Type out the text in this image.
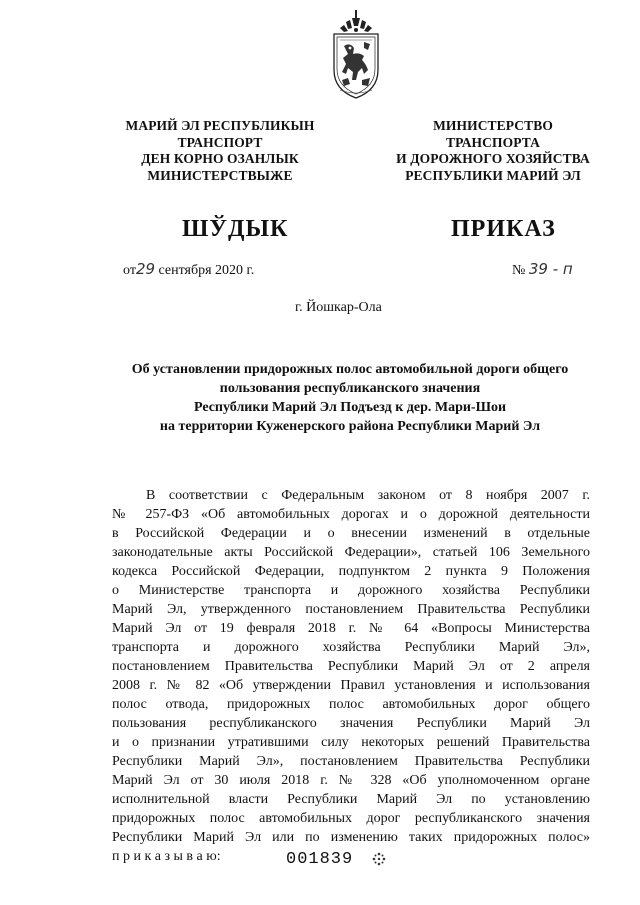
МАРИЙ ЭЛ РЕСПУБЛИКЫН
ТРАНСПОРТ
ДЕН КОРНО ОЗАНЛЫК
МИНИСТЕРСТВЫЖЕ
МИНИСТЕРСТВО
ТРАНСПОРТА
И ДОРОЖНОГО ХОЗЯЙСТВА
РЕСПУБЛИКИ МАРИЙ ЭЛ
ШЎДЫК	ПРИКАЗ
от29 сентября 2020 г.	№ 39 - п
г. Йошкар-Ола
Об установлении придорожных полос автомобильной дороги общего
пользования республиканского значения
Республики Марий Эл Подъезд к дер. Мари-Шои
на территории Куженерского района Республики Марий Эл
В соответствии с Федеральным законом от 8 ноября 2007 г.
№ 257-ФЗ «Об автомобильных дорогах и о дорожной деятельности
в Российской Федерации и о внесении изменений в отдельные
законодательные акты Российской Федерации», статьей 106 Земельного
кодекса Российской Федерации, подпунктом 2 пункта 9 Положения
о Министерстве транспорта и дорожного хозяйства Республики
Марий Эл, утвержденного постановлением Правительства Республики
Марий Эл от 19 февраля 2018 г. № 64 «Вопросы Министерства
транспорта и дорожного хозяйства Республики Марий Эл»,
постановлением Правительства Республики Марий Эл от 2 апреля
2008 г. № 82 «Об утверждении Правил установления и использования
полос отвода, придорожных полос автомобильных дорог общего
пользования республиканского значения Республики Марий Эл
и о признании утратившими силу некоторых решений Правительства
Республики Марий Эл», постановлением Правительства Республики
Марий Эл от 30 июля 2018 г. № 328 «Об уполномоченном органе
исполнительной власти Республики Марий Эл по установлению
придорожных полос автомобильных дорог республиканского значения
Республики Марий Эл или по изменению таких придорожных полос»
п р и к а з ы в а ю:	001839
